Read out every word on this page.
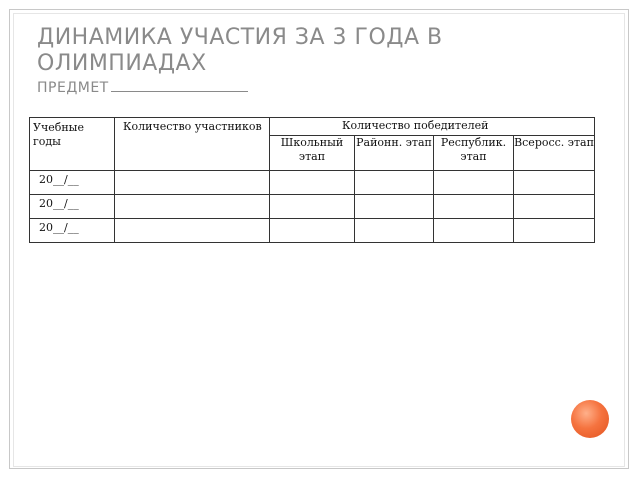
ДИНАМИКА УЧАСТИЯ ЗА 3 ГОДА В
ОЛИМПИАДАХ
ПРЕДМЕТ
Учебные годы	Количество участников	Количество победителей			
		Школьный этап	Районн. этап	Республик. этап	Всеросс. этап
20__/__					
20__/__					
20__/__					
